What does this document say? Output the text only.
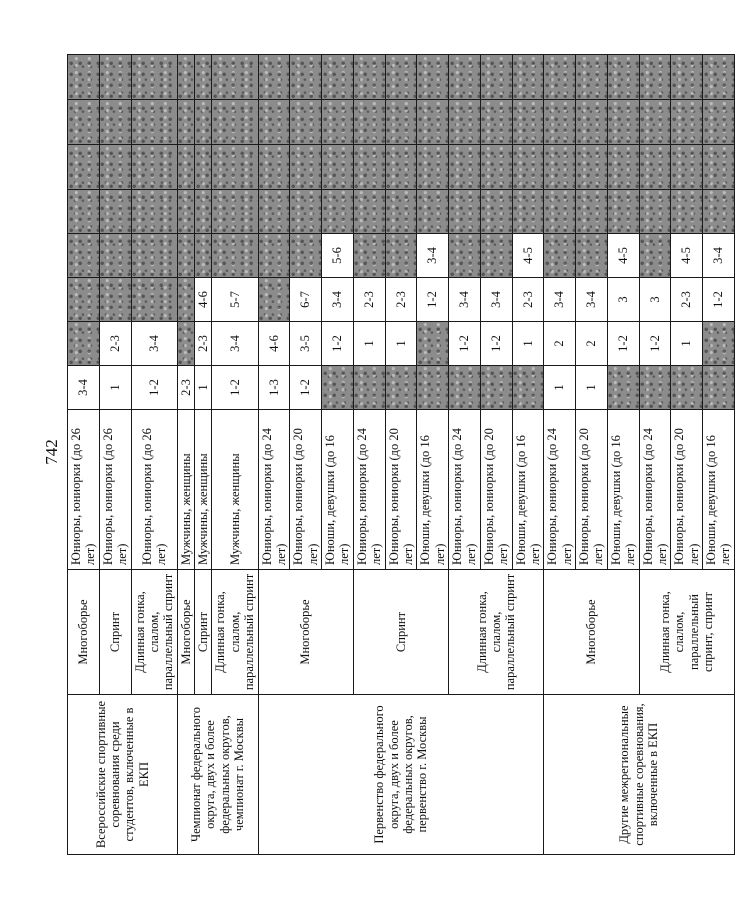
742
Всероссийские спортивные соревнования среди студентов, включенные в ЕКП	Многоборье	Юниоры, юниорки (до 26 лет)	3-4							
	Спринт	Юниоры, юниорки (до 26 лет)	1	2-3						
	Длинная гонка, слалом, параллельный спринт	Юниоры, юниорки (до 26 лет)	1-2	3-4						
Чемпионат федерального округа, двух и более федеральных округов, чемпионат г. Москвы	Многоборье	Мужчины, женщины	2-3							
	Спринт	Мужчины, женщины	1	2-3	4-6					
	Длинная гонка, слалом, параллельный спринт	Мужчины, женщины	1-2	3-4	5-7					
Первенство федерального округа, двух и более федеральных округов, первенство г. Москвы	Многоборье	Юниоры, юниорки (до 24 лет)	1-3	4-6						
		Юниоры, юниорки (до 20 лет)	1-2	3-5	6-7					
		Юноши, девушки (до 16 лет)		1-2	3-4	5-6				
	Спринт	Юниоры, юниорки (до 24 лет)		1	2-3					
		Юниоры, юниорки (до 20 лет)		1	2-3					
		Юноши, девушки (до 16 лет)			1-2	3-4				
	Длинная гонка, слалом, параллельный спринт	Юниоры, юниорки (до 24 лет)		1-2	3-4					
		Юниоры, юниорки (до 20 лет)		1-2	3-4					
		Юноши, девушки (до 16 лет)		1	2-3	4-5				
Другие межрегиональные спортивные соревнования, включенные в ЕКП	Многоборье	Юниоры, юниорки (до 24 лет)	1	2	3-4					
		Юниоры, юниорки (до 20 лет)	1	2	3-4					
		Юноши, девушки (до 16 лет)		1-2	3	4-5				
	Длинная гонка, слалом, параллельный спринт, спринт	Юниоры, юниорки (до 24 лет)		1-2	3					
		Юниоры, юниорки (до 20 лет)		1	2-3	4-5				
		Юноши, девушки (до 16 лет)			1-2	3-4				
